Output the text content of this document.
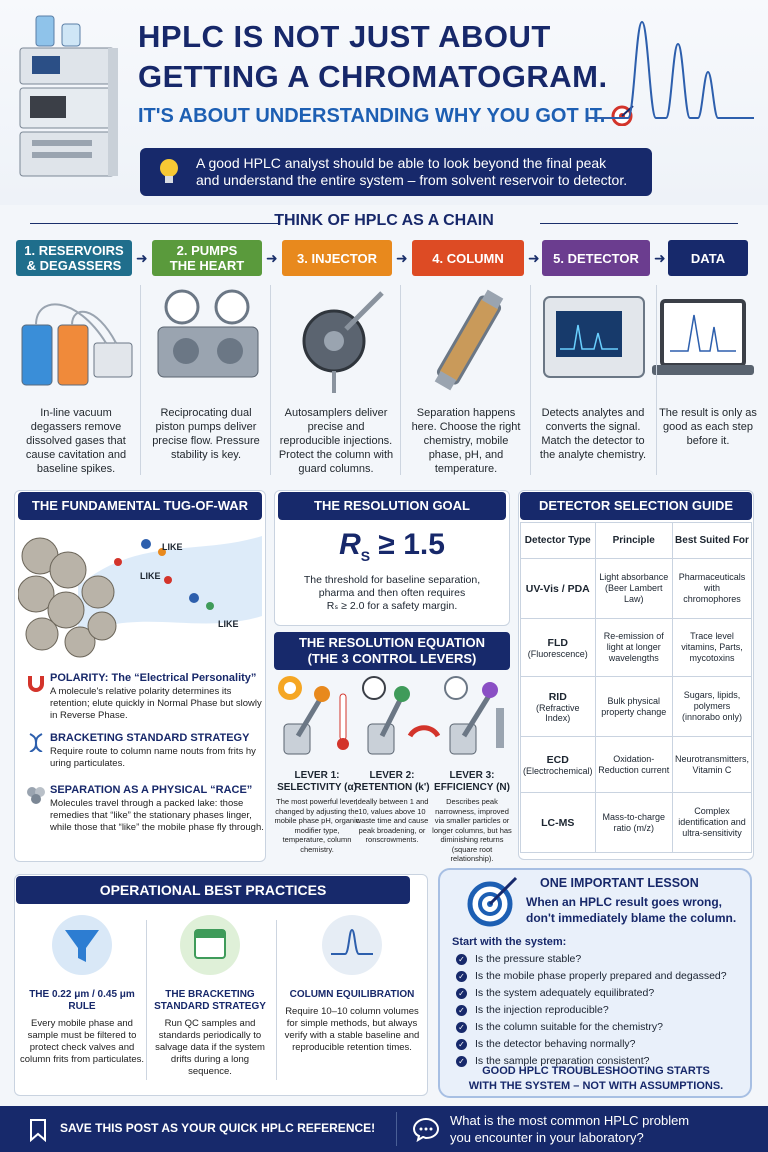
HPLC IS NOT JUST ABOUT
GETTING A CHROMATOGRAM.
IT'S ABOUT UNDERSTANDING WHY YOU GOT IT.
A good HPLC analyst should be able to look beyond the final peak
and understand the entire system – from solvent reservoir to detector.
THINK OF HPLC AS A CHAIN
1. RESERVOIRS
& DEGASSERS ➜	2. PUMPS
THE HEART ➜ 3. INJECTOR ➜ 4. COLUMN ➜ 5. DETECTOR ➜ DATA
In-line vacuum degassers remove dissolved gases that cause cavitation and baseline spikes.
Reciprocating dual piston pumps deliver precise flow. Pressure stability is key.
Autosamplers deliver precise and reproducible injections. Protect the column with guard columns.
Separation happens here. Choose the right chemistry, mobile phase, pH, and temperature.
Detects analytes and converts the signal. Match the detector to the analyte chemistry.
The result is only as good as each step before it.
THE FUNDAMENTAL TUG-OF-WAR
LIKE
LIKE
LIKE
POLARITY: The “Electrical Personality”
A molecule's relative polarity determines its retention; elute quickly in Normal Phase but slowly in Reverse Phase.
BRACKETING STANDARD STRATEGY
Require route to column name nouts from frits hy uring particulates.
SEPARATION AS A PHYSICAL “RACE”
Molecules travel through a packed lake: those remedies that “like” the stationary phases linger, while those that “like” the mobile phase fly through.
THE RESOLUTION GOAL
$R_S \ge 1.5$
The threshold for baseline separation,
pharma and then often requires
Rₛ ≥ 2.0 for a safety margin.
THE RESOLUTION EQUATION
(THE 3 CONTROL LEVERS)
LEVER 1:
SELECTIVITY (α)
The most powerful lever, changed by adjusting the mobile phase pH, organic modifier type, temperature, column chemistry.
LEVER 2:
RETENTION (k')
Ideally between 1 and 10, values above 10 waste time and cause peak broadening, or ronscrowments.
LEVER 3:
EFFICIENCY (N)
Describes peak narrowness, improved via smaller particles or longer columns, but has diminishing returns (square root relationship).
DETECTOR SELECTION GUIDE
Detector Type	Principle	Best Suited For

UV-Vis / PDA	Light absorbance (Beer Lambert Law)	Pharmaceuticals with chromophores

FLD
(Fluorescence)	Re-emission of light at longer wavelengths	Trace level vitamins, Parts, mycotoxins

RID
(Refractive Index)	Bulk physical property change	Sugars, lipids, polymers (innorabo only)

ECD
(Electrochemical)	Oxidation-Reduction current	Neurotransmitters, Vitamin C

LC-MS	Mass-to-charge ratio (m/z)	Complex identification and ultra-sensitivity
OPERATIONAL BEST PRACTICES
THE 0.22 μm / 0.45 μm RULE
Every mobile phase and sample must be filtered to protect check valves and column frits from particulates.
THE BRACKETING STANDARD STRATEGY
Run QC samples and standards periodically to salvage data if the system drifts during a long sequence.
COLUMN EQUILIBRATION
Require 10–10 column volumes for simple methods, but always verify with a stable baseline and reproducible retention times.
ONE IMPORTANT LESSON
When an HPLC result goes wrong,
don't immediately blame the column.
Start with the system:
✓ Is the pressure stable?
✓ Is the mobile phase properly prepared and degassed?
✓ Is the system adequately equilibrated?
✓ Is the injection reproducible?
✓ Is the column suitable for the chemistry?
✓ Is the detector behaving normally?
✓ Is the sample preparation consistent?
GOOD HPLC TROUBLESHOOTING STARTS
WITH THE SYSTEM – NOT WITH ASSUMPTIONS.
SAVE THIS POST AS YOUR QUICK HPLC REFERENCE!	What is the most common HPLC problem
you encounter in your laboratory?
